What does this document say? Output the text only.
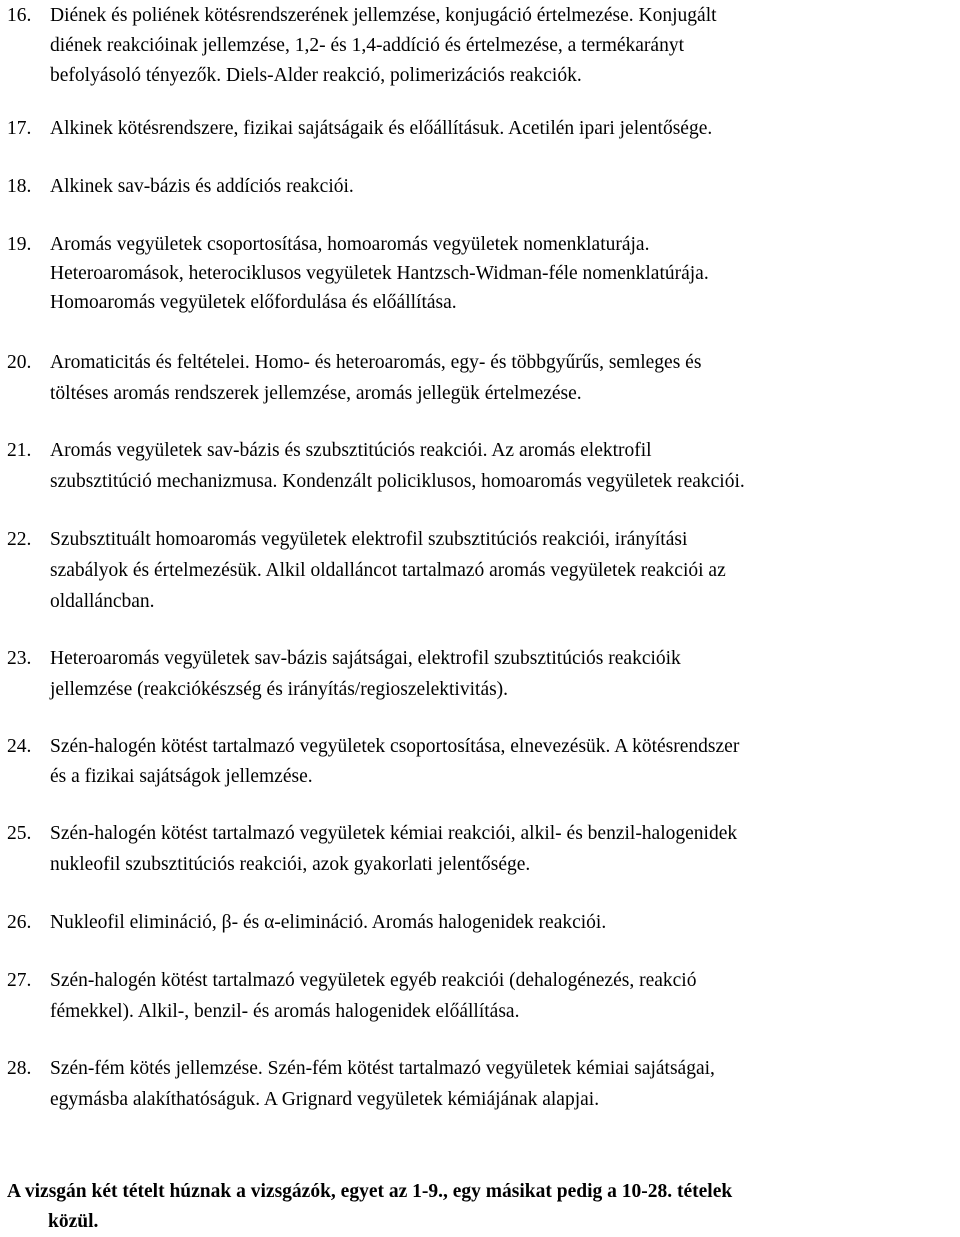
16. Diének és poliének kötésrendszerének jellemzése, konjugáció értelmezése. Konjugált
diének reakcióinak jellemzése, 1,2- és 1,4-addíció és értelmezése, a termékarányt
befolyásoló tényezők. Diels-Alder reakció, polimerizációs reakciók.
17. Alkinek kötésrendszere, fizikai sajátságaik és előállításuk. Acetilén ipari jelentősége.
18. Alkinek sav-bázis és addíciós reakciói.
19. Aromás vegyületek csoportosítása, homoaromás vegyületek nomenklaturája.
Heteroaromások, heterociklusos vegyületek Hantzsch-Widman-féle nomenklatúrája.
Homoaromás vegyületek előfordulása és előállítása.
20. Aromaticitás és feltételei. Homo- és heteroaromás, egy- és többgyűrűs, semleges és
töltéses aromás rendszerek jellemzése, aromás jellegük értelmezése.
21. Aromás vegyületek sav-bázis és szubsztitúciós reakciói. Az aromás elektrofil
szubsztitúció mechanizmusa. Kondenzált policiklusos, homoaromás vegyületek reakciói.
22. Szubsztituált homoaromás vegyületek elektrofil szubsztitúciós reakciói, irányítási
szabályok és értelmezésük. Alkil oldalláncot tartalmazó aromás vegyületek reakciói az
oldalláncban.
23. Heteroaromás vegyületek sav-bázis sajátságai, elektrofil szubsztitúciós reakcióik
jellemzése (reakciókészség és irányítás/regioszelektivitás).
24. Szén-halogén kötést tartalmazó vegyületek csoportosítása, elnevezésük. A kötésrendszer
és a fizikai sajátságok jellemzése.
25. Szén-halogén kötést tartalmazó vegyületek kémiai reakciói, alkil- és benzil-halogenidek
nukleofil szubsztitúciós reakciói, azok gyakorlati jelentősége.
26. Nukleofil elimináció, β- és α-elimináció. Aromás halogenidek reakciói.
27. Szén-halogén kötést tartalmazó vegyületek egyéb reakciói (dehalogénezés, reakció
fémekkel). Alkil-, benzil- és aromás halogenidek előállítása.
28. Szén-fém kötés jellemzése. Szén-fém kötést tartalmazó vegyületek kémiai sajátságai,
egymásba alakíthatóságuk. A Grignard vegyületek kémiájának alapjai.
A vizsgán két tételt húznak a vizsgázók, egyet az 1-9., egy másikat pedig a 10-28. tételek
közül.
